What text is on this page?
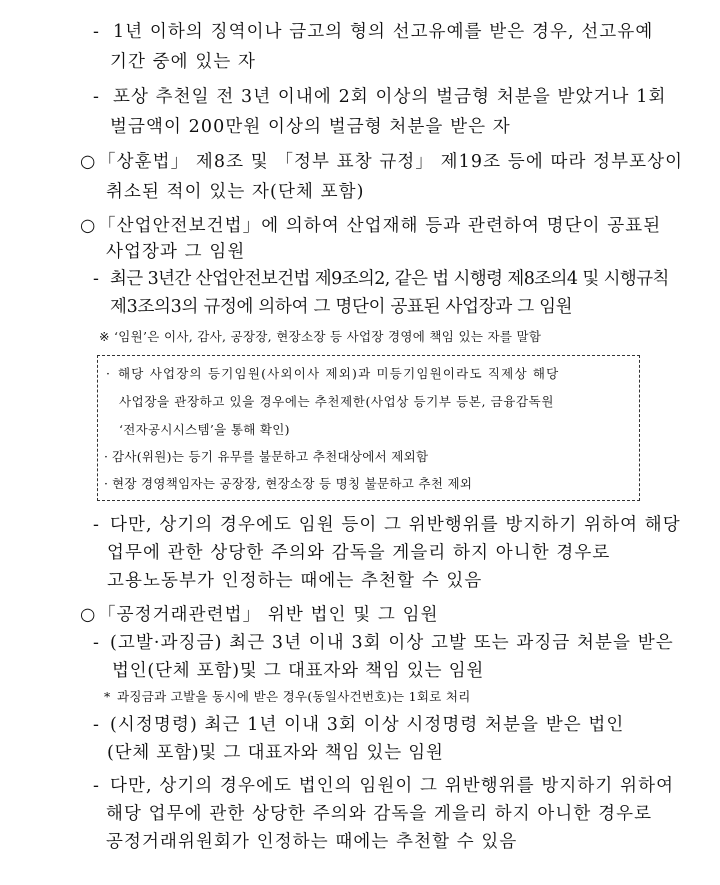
- 1년 이하의 징역이나 금고의 형의 선고유예를 받은 경우, 선고유예
기간 중에 있는 자
- 포상 추천일 전 3년 이내에 2회 이상의 벌금형 처분을 받았거나 1회
벌금액이 200만원 이상의 벌금형 처분을 받은 자
○ 「상훈법」 제8조 및 「정부 표창 규정」 제19조 등에 따라 정부포상이
취소된 적이 있는 자(단체 포함)
○ 「산업안전보건법」에 의하여 산업재해 등과 관련하여 명단이 공표된
사업장과 그 임원
- 최근 3년간 산업안전보건법 제9조의2, 같은 법 시행령 제8조의4 및 시행규칙
제3조의3의 규정에 의하여 그 명단이 공표된 사업장과 그 임원
※ ‘임원’은 이사, 감사, 공장장, 현장소장 등 사업장 경영에 책임 있는 자를 말함
· 해당 사업장의 등기임원(사외이사 제외)과 미등기임원이라도 직제상 해당
사업장을 관장하고 있을 경우에는 추천제한(사업상 등기부 등본, 금융감독원
‘전자공시시스템’을 통해 확인)
· 감사(위원)는 등기 유무를 불문하고 추천대상에서 제외함
· 현장 경영책임자는 공장장, 현장소장 등 명칭 불문하고 추천 제외
- 다만, 상기의 경우에도 임원 등이 그 위반행위를 방지하기 위하여 해당
업무에 관한 상당한 주의와 감독을 게을리 하지 아니한 경우로
고용노동부가 인정하는 때에는 추천할 수 있음
○ 「공정거래관련법」 위반 법인 및 그 임원
- (고발·과징금) 최근 3년 이내 3회 이상 고발 또는 과징금 처분을 받은
법인(단체 포함)및 그 대표자와 책임 있는 임원
* 과징금과 고발을 동시에 받은 경우(동일사건번호)는 1회로 처리
- (시정명령) 최근 1년 이내 3회 이상 시정명령 처분을 받은 법인
(단체 포함)및 그 대표자와 책임 있는 임원
- 다만, 상기의 경우에도 법인의 임원이 그 위반행위를 방지하기 위하여
해당 업무에 관한 상당한 주의와 감독을 게을리 하지 아니한 경우로
공정거래위원회가 인정하는 때에는 추천할 수 있음
